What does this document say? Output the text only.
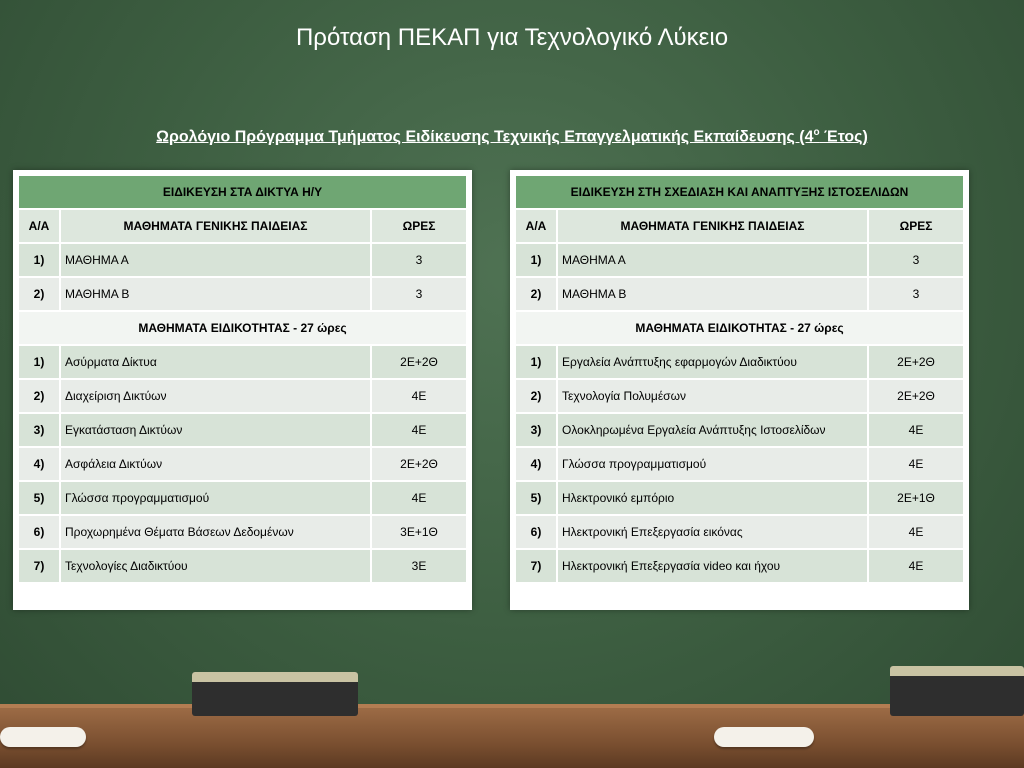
Πρόταση ΠΕΚΑΠ για Τεχνολογικό Λύκειο
Ωρολόγιο Πρόγραμμα Τμήματος Ειδίκευσης Τεχνικής Επαγγελματικής Εκπαίδευσης ($4^o$ Έτος)
ΕΙΔΙΚΕΥΣΗ ΣΤΑ ΔΙΚΤΥΑ Η/Υ		
Α/Α	ΜΑΘΗΜΑΤΑ ΓΕΝΙΚΗΣ ΠΑΙΔΕΙΑΣ	ΩΡΕΣ
1)	ΜΑΘΗΜΑ Α	3
2)	ΜΑΘΗΜΑ Β	3
ΜΑΘΗΜΑΤΑ ΕΙΔΙΚΟΤΗΤΑΣ - 27 ώρες		
1)	Ασύρματα Δίκτυα	2Ε+2Θ
2)	Διαχείριση Δικτύων	4Ε
3)	Εγκατάσταση Δικτύων	4Ε
4)	Ασφάλεια Δικτύων	2Ε+2Θ
5)	Γλώσσα προγραμματισμού	4Ε
6)	Προχωρημένα Θέματα Βάσεων Δεδομένων	3Ε+1Θ
7)	Τεχνολογίες Διαδικτύου	3Ε
ΕΙΔΙΚΕΥΣΗ ΣΤΗ ΣΧΕΔΙΑΣΗ ΚΑΙ ΑΝΑΠΤΥΞΗΣ ΙΣΤΟΣΕΛΙΔΩΝ		
Α/Α	ΜΑΘΗΜΑΤΑ ΓΕΝΙΚΗΣ ΠΑΙΔΕΙΑΣ	ΩΡΕΣ
1)	ΜΑΘΗΜΑ Α	3
2)	ΜΑΘΗΜΑ Β	3
ΜΑΘΗΜΑΤΑ ΕΙΔΙΚΟΤΗΤΑΣ - 27 ώρες		
1)	Εργαλεία Ανάπτυξης εφαρμογών Διαδικτύου	2Ε+2Θ
2)	Τεχνολογία Πολυμέσων	2Ε+2Θ
3)	Ολοκληρωμένα Εργαλεία Ανάπτυξης Ιστοσελίδων	4Ε
4)	Γλώσσα προγραμματισμού	4Ε
5)	Ηλεκτρονικό εμπόριο	2Ε+1Θ
6)	Ηλεκτρονική Επεξεργασία εικόνας	4Ε
7)	Ηλεκτρονική Επεξεργασία video και ήχου	4Ε
